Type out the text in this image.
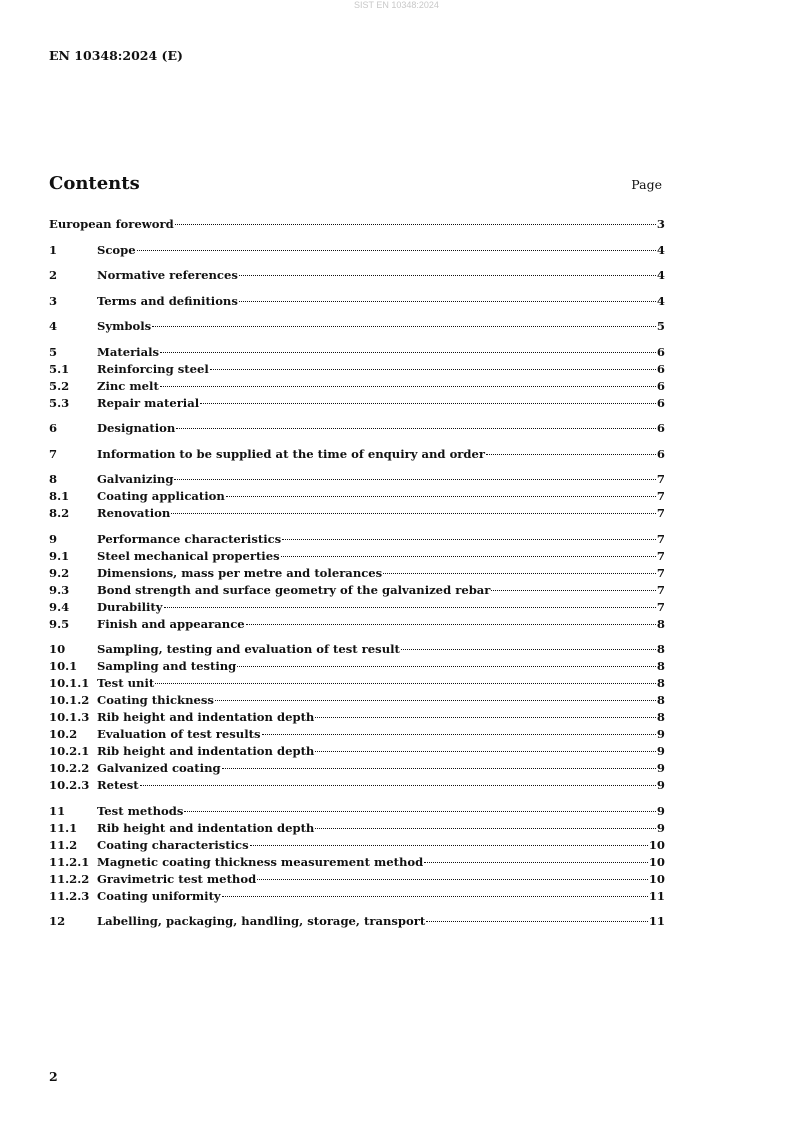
SIST EN 10348:2024
EN 10348:2024 (E)
Contents	Page
European foreword	3
1	Scope	4
2	Normative references	4
3	Terms and definitions	4
4	Symbols	5
5	Materials	6
5.1	Reinforcing steel	6
5.2	Zinc melt	6
5.3	Repair material	6
6	Designation	6
7	Information to be supplied at the time of enquiry and order	6
8	Galvanizing	7
8.1	Coating application	7
8.2	Renovation	7
9	Performance characteristics	7
9.1	Steel mechanical properties	7
9.2	Dimensions, mass per metre and tolerances	7
9.3	Bond strength and surface geometry of the galvanized rebar	7
9.4	Durability	7
9.5	Finish and appearance	8
10	Sampling, testing and evaluation of test result	8
10.1	Sampling and testing	8
10.1.1 Test unit	8
10.1.2 Coating thickness	8
10.1.3 Rib height and indentation depth	8
10.2	Evaluation of test results	9
10.2.1 Rib height and indentation depth	9
10.2.2 Galvanized coating	9
10.2.3 Retest	9
11	Test methods	9
11.1	Rib height and indentation depth	9
11.2	Coating characteristics	10
11.2.1 Magnetic coating thickness measurement method	10
11.2.2 Gravimetric test method	10
11.2.3 Coating uniformity	11
12	Labelling, packaging, handling, storage, transport	11
2
